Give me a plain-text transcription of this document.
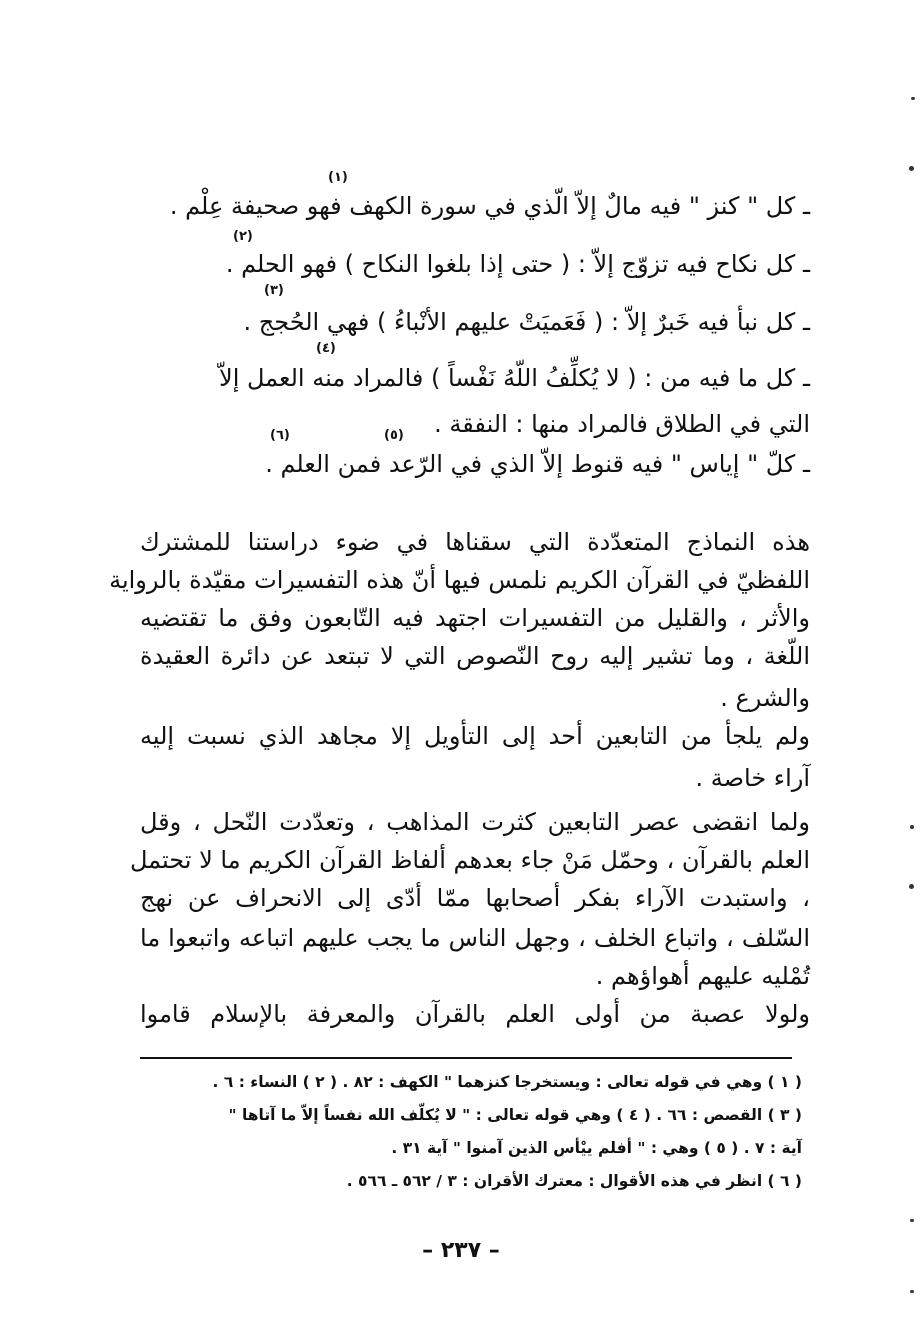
(١)
(٢)
(٣)
(٤)
(٥)
(٦)
ـ كل " كنز " فيه مالٌ إلاّ الّذي في سورة الكهف فهو صحيفة عِلْم .
ـ كل نكاح فيه تزوّج إلاّ : ( حتى إذا بلغوا النكاح ) فهو الحلم .
ـ كل نبأ فيه خَبرٌ إلاّ : ( فَعَميَتْ عليهم الأنْباءُ ) فهي الحُجج .
ـ كل ما فيه من : ( لا يُكلِّفُ اللّهُ نَفْساً ) فالمراد منه العمل إلاّ
التي في الطلاق فالمراد منها : النفقة .
ـ كلّ " إياس " فيه قنوط إلاّ الذي في الرّعد فمن العلم .
هذه النماذج المتعدّدة التي سقناها في ضوء دراستنا للمشترك
اللفظيّ في القرآن الكريم نلمس فيها أنّ هذه التفسيرات مقيّدة بالرواية
والأثر ، والقليل من التفسيرات اجتهد فيه التّابعون وفق ما تقتضيه
اللّغة ، وما تشير إليه روح النّصوص التي لا تبتعد عن دائرة العقيدة
والشرع .
ولم يلجأ من التابعين أحد إلى التأويل إلا مجاهد الذي نسبت إليه
آراء خاصة .
ولما انقضى عصر التابعين كثرت المذاهب ، وتعدّدت النّحل ، وقل
العلم بالقرآن ، وحمّل مَنْ جاء بعدهم ألفاظ القرآن الكريم ما لا تحتمل
، واستبدت الآراء بفكر أصحابها ممّا أدّى إلى الانحراف عن نهج
السّلف ، واتباع الخلف ، وجهل الناس ما يجب عليهم اتباعه واتبعوا ما
تُمْليه عليهم أهواؤهم .
ولولا عصبة من أولى العلم بالقرآن والمعرفة بالإسلام قاموا
( ١ ) وهي في قوله تعالى : ويستخرجا كنزهما " الكهف : ٨٢ . ( ٢ ) النساء : ٦ .
( ٣ ) القصص : ٦٦ . ( ٤ ) وهي قوله تعالى : " لا يُكلّف الله نفساً إلاّ ما آتاها "
آية : ٧ . ( ٥ ) وهي : " أفلم ييْأس الذين آمنوا " آية ٣١ .
( ٦ ) انظر في هذه الأقوال : معترك الأقران : ٣ / ٥٦٢ ـ ٥٦٦ .
– ٢٣٧ –
